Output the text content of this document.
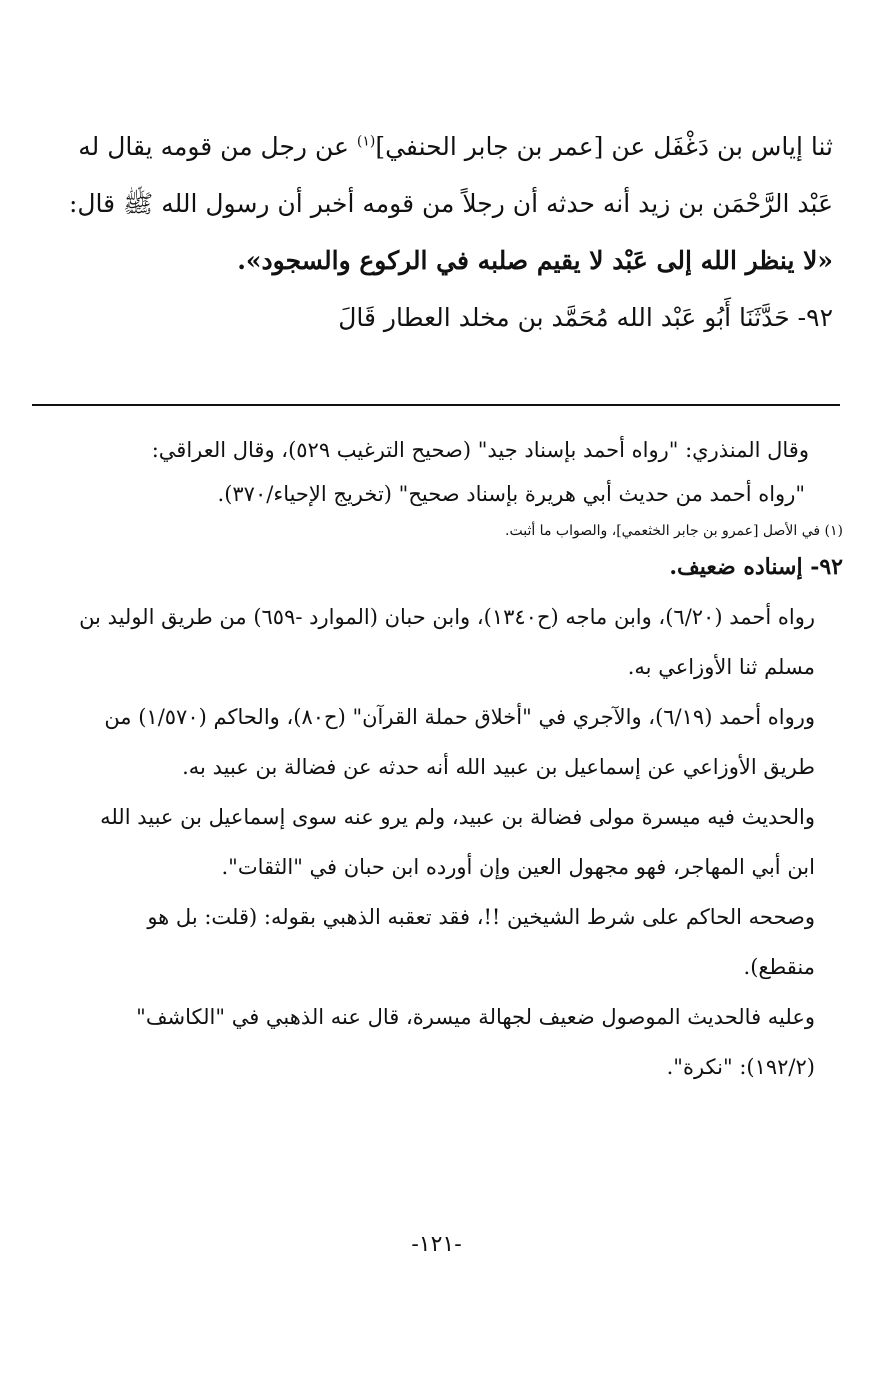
ثنا إياس بن دَغْفَل عن [عمر بن جابر الحنفي]$^{(١)}$ عن رجل من قومه يقال له
عَبْد الرَّحْمَن بن زيد أنه حدثه أن رجلاً من قومه أخبر أن رسول الله ﷺ قال:
«لا ينظر الله إلى عَبْد لا يقيم صلبه في الركوع والسجود».
٩٢- حَدَّثَنَا أَبُو عَبْد الله مُحَمَّد بن مخلد العطار قَالَ

وقال المنذري: "رواه أحمد بإسناد جيد" (صحيح الترغيب ٥٢٩)، وقال العراقي:

"رواه أحمد من حديث أبي هريرة بإسناد صحيح" (تخريج الإحياء/٣٧٠).

(١) في الأصل [عمرو بن جابر الخثعمي]، والصواب ما أثبت.

٩٢- إسناده ضعيف.

رواه أحمد (٦/٢٠)، وابن ماجه (ح١٣٤٠)، وابن حبان (الموارد -٦٥٩) من طريق الوليد بن مسلم ثنا الأوزاعي به.

ورواه أحمد (٦/١٩)، والآجري في "أخلاق حملة القرآن" (ح٨٠)، والحاكم (١/٥٧٠) من طريق الأوزاعي عن إسماعيل بن عبيد الله أنه حدثه عن فضالة بن عبيد به.

والحديث فيه ميسرة مولى فضالة بن عبيد، ولم يرو عنه سوى إسماعيل بن عبيد الله ابن أبي المهاجر، فهو مجهول العين وإن أورده ابن حبان في "الثقات".

وصححه الحاكم على شرط الشيخين !!، فقد تعقبه الذهبي بقوله: (قلت: بل هو منقطع).

وعليه فالحديث الموصول ضعيف لجهالة ميسرة، قال عنه الذهبي في "الكاشف" (١٩٢/٢): "نكرة".

-١٢١-
